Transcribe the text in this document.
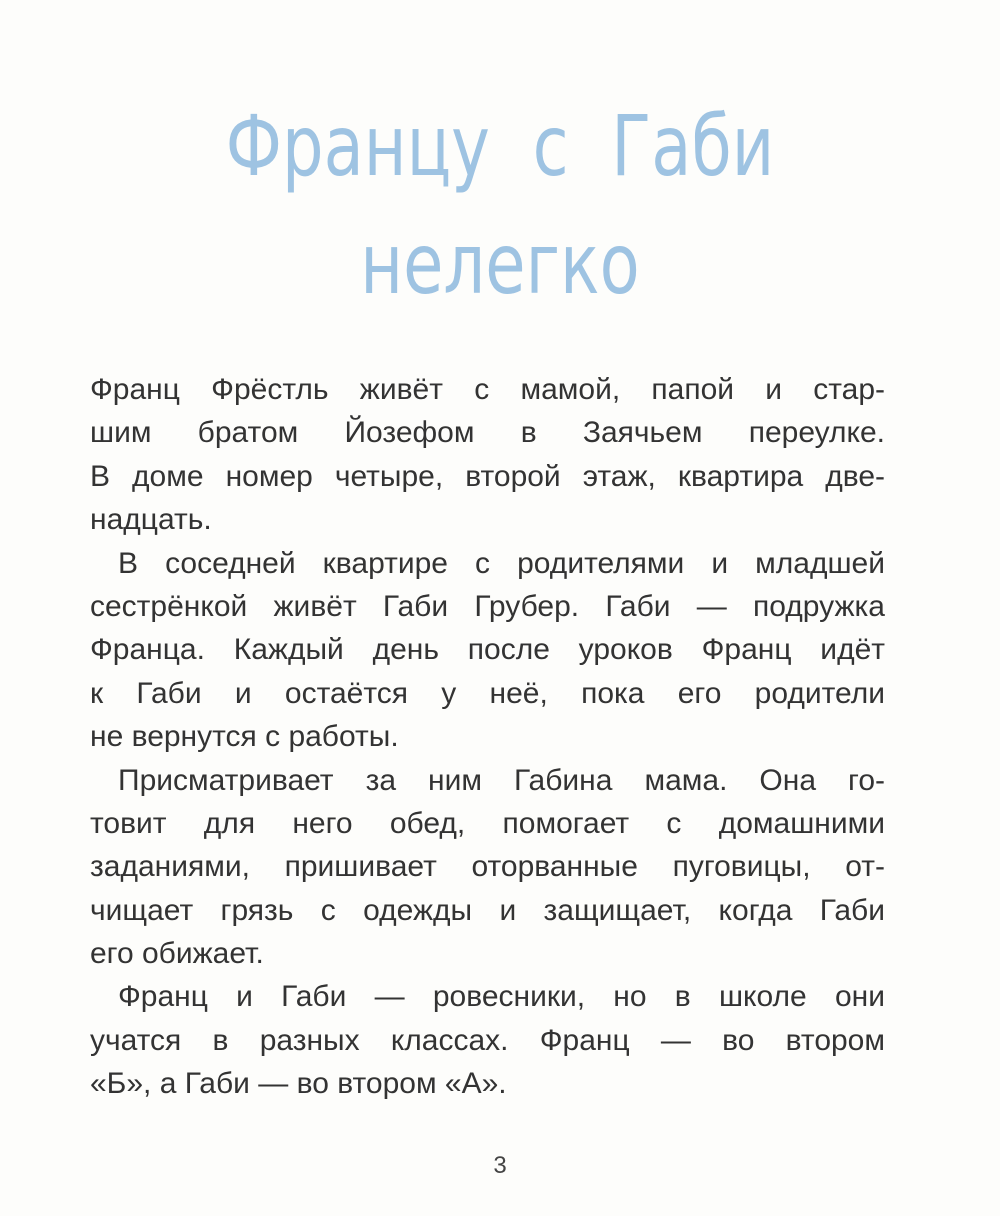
Францу с Габи
нелегко
Франц Фрёстль живёт с мамой, папой и стар-
шим братом Йозефом в Заячьем переулке.
В доме номер четыре, второй этаж, квартира две-
надцать.
В соседней квартире с родителями и младшей
сестрёнкой живёт Габи Грубер. Габи — подружка
Франца. Каждый день после уроков Франц идёт
к Габи и остаётся у неё, пока его родители
не вернутся с работы.
Присматривает за ним Габина мама. Она го-
товит для него обед, помогает с домашними
заданиями, пришивает оторванные пуговицы, от-
чищает грязь с одежды и защищает, когда Габи
его обижает.
Франц и Габи — ровесники, но в школе они
учатся в разных классах. Франц — во втором
«Б», а Габи — во втором «А».
3
